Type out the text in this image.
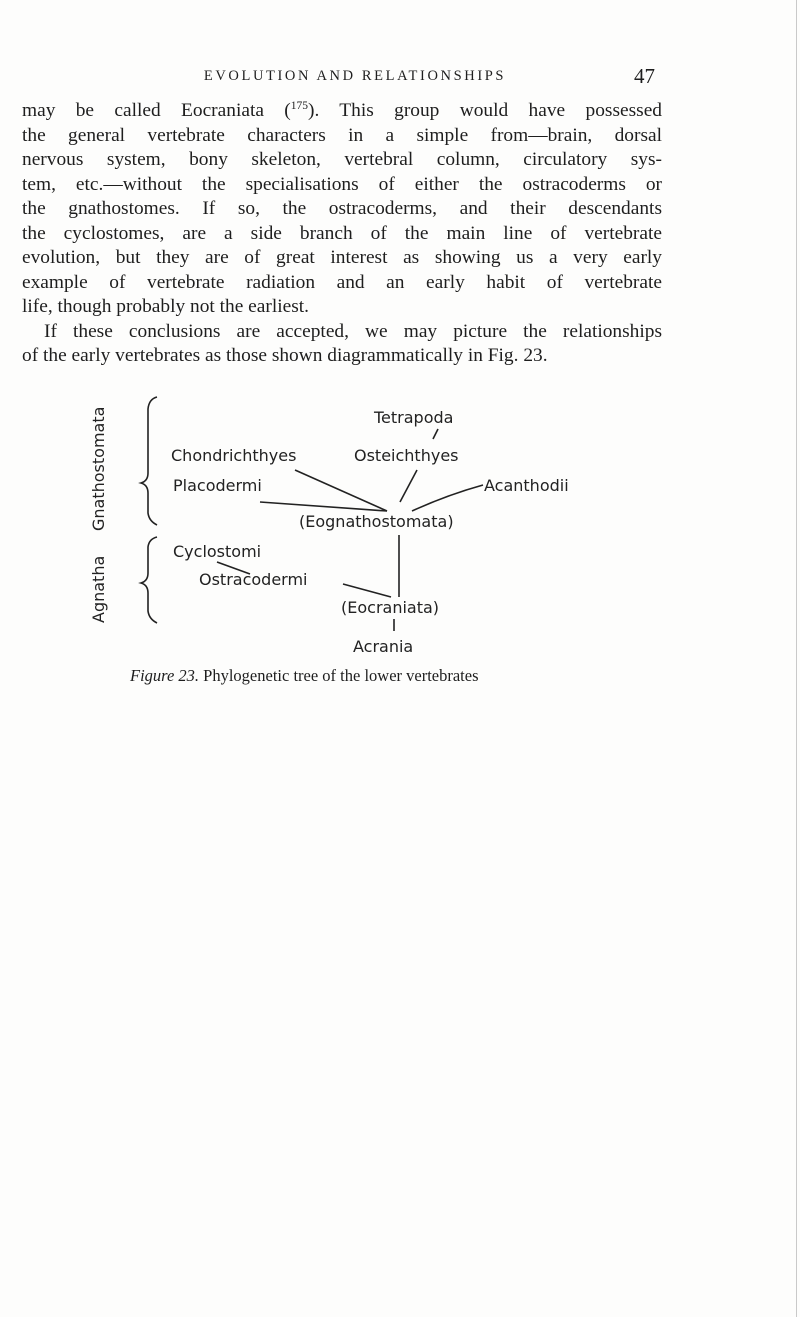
EVOLUTION AND RELATIONSHIPS	47

may be called Eocraniata ($^{175}$). This group would have possessed
the general vertebrate characters in a simple from—brain, dorsal
nervous system, bony skeleton, vertebral column, circulatory sys-
tem, etc.—without the specialisations of either the ostracoderms or
the gnathostomes. If so, the ostracoderms, and their descendants
the cyclostomes, are a side branch of the main line of vertebrate
evolution, but they are of great interest as showing us a very early
example of vertebrate radiation and an early habit of vertebrate
life, though probably not the earliest.

If these conclusions are accepted, we may picture the relationships
of the early vertebrates as those shown diagrammatically in Fig. 23.

Gnathostomata
Agnatha
Tetrapoda
Chondrichthyes	Osteichthyes
Placodermi	Acanthodii
(Eognathostomata)
Cyclostomi
Ostracodermi
(Eocraniata)
Acrania
Figure 23. Phylogenetic tree of the lower vertebrates
